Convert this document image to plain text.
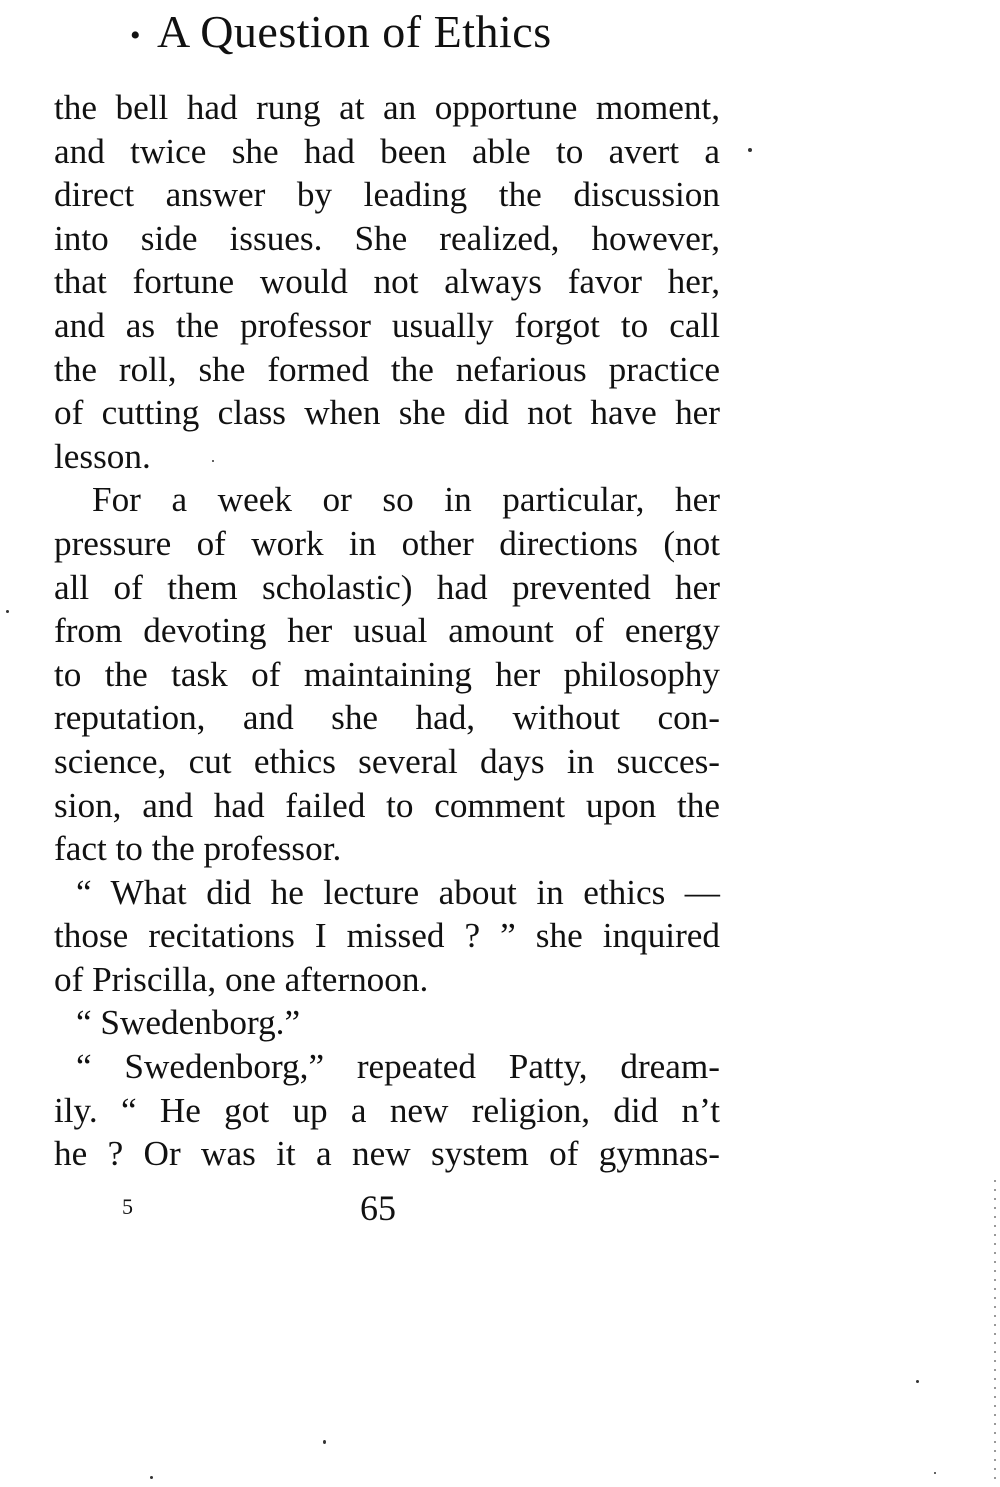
• A Question of Ethics
the bell had rung at an opportune moment,
and twice she had been able to avert a
direct answer by leading the discussion
into side issues. She realized, however,
that fortune would not always favor her,
and as the professor usually forgot to call
the roll, she formed the nefarious practice
of cutting class when she did not have her
lesson.
For a week or so in particular, her
pressure of work in other directions (not
all of them scholastic) had prevented her
from devoting her usual amount of energy
to the task of maintaining her philosophy
reputation, and she had, without con-
science, cut ethics several days in succes-
sion, and had failed to comment upon the
fact to the professor.
“ What did he lecture about in ethics —
those recitations I missed ? ” she inquired
of Priscilla, one afternoon.
“ Swedenborg.”
“ Swedenborg,” repeated Patty, dream-
ily. “ He got up a new religion, did n’t
he ? Or was it a new system of gymnas-
5	65
